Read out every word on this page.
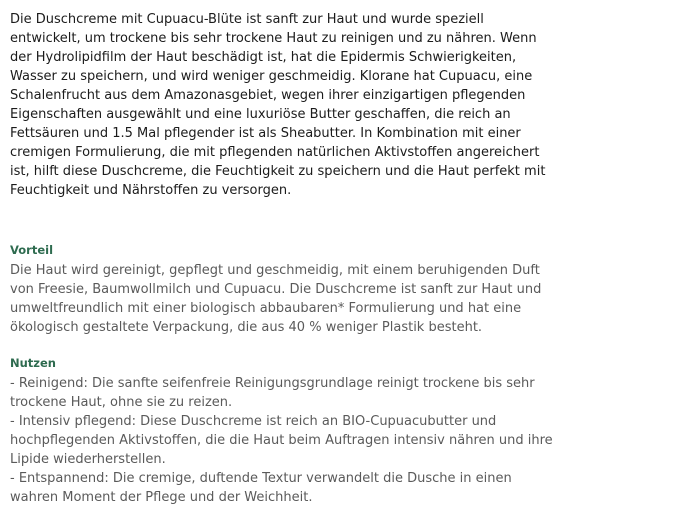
Die Duschcreme mit Cupuacu-Blüte ist sanft zur Haut und wurde speziell entwickelt, um trockene bis sehr trockene Haut zu reinigen und zu nähren. Wenn der Hydrolipidfilm der Haut beschädigt ist, hat die Epidermis Schwierigkeiten, Wasser zu speichern, und wird weniger geschmeidig. Klorane hat Cupuacu, eine Schalenfrucht aus dem Amazonasgebiet, wegen ihrer einzigartigen pflegenden Eigenschaften ausgewählt und eine luxuriöse Butter geschaffen, die reich an Fettsäuren und 1.5 Mal pflegender ist als Sheabutter. In Kombination mit einer cremigen Formulierung, die mit pflegenden natürlichen Aktivstoffen angereichert ist, hilft diese Duschcreme, die Feuchtigkeit zu speichern und die Haut perfekt mit Feuchtigkeit und Nährstoffen zu versorgen.

Vorteil

Die Haut wird gereinigt, gepflegt und geschmeidig, mit einem beruhigenden Duft von Freesie, Baumwollmilch und Cupuacu. Die Duschcreme ist sanft zur Haut und umweltfreundlich mit einer biologisch abbaubaren* Formulierung und hat eine ökologisch gestaltete Verpackung, die aus 40 % weniger Plastik besteht.

Nutzen
- Reinigend: Die sanfte seifenfreie Reinigungsgrundlage reinigt trockene bis sehr trockene Haut, ohne sie zu reizen.
- Intensiv pflegend: Diese Duschcreme ist reich an BIO-Cupuacubutter und hochpflegenden Aktivstoffen, die die Haut beim Auftragen intensiv nähren und ihre Lipide wiederherstellen.
- Entspannend: Die cremige, duftende Textur verwandelt die Dusche in einen wahren Moment der Pflege und der Weichheit.
